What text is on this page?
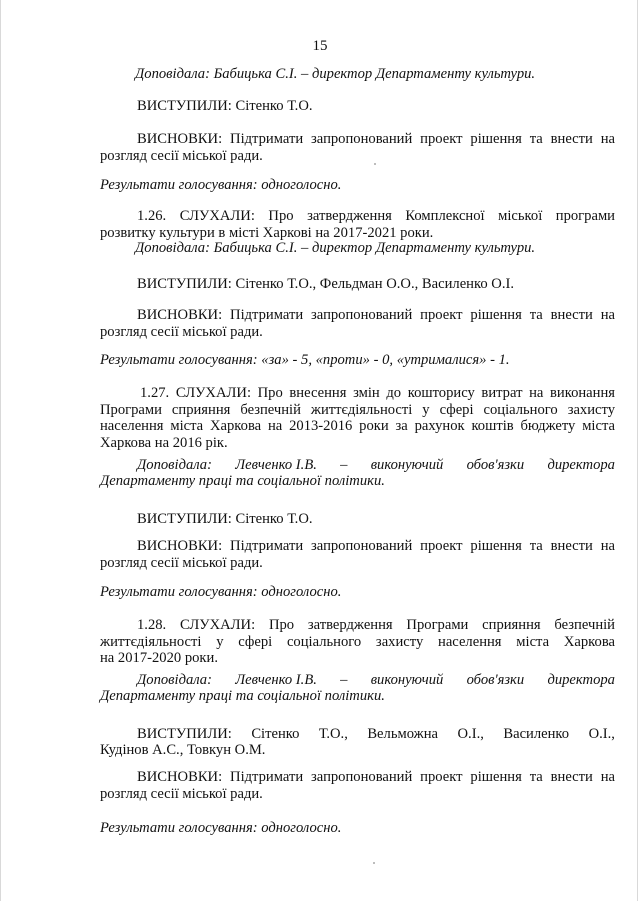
15
Доповідала: Бабицька С.І. – директор Департаменту культури.
ВИСТУПИЛИ: Сітенко Т.О.
ВИСНОВКИ: Підтримати запропонований проект рішення та внести на
розгляд сесії міської ради.
Результати голосування: одноголосно.
1.26. СЛУХАЛИ: Про затвердження Комплексної міської програми
розвитку культури в місті Харкові на 2017-2021 роки.
Доповідала: Бабицька С.І. – директор Департаменту культури.
ВИСТУПИЛИ: Сітенко Т.О., Фельдман О.О., Василенко О.І.
ВИСНОВКИ: Підтримати запропонований проект рішення та внести на
розгляд сесії міської ради.
Результати голосування: «за» - 5, «проти» - 0, «утрималися» - 1.
1.27. СЛУХАЛИ: Про внесення змін до кошторису витрат на виконання
Програми сприяння безпечній життєдіяльності у сфері соціального захисту
населення міста Харкова на 2013-2016 роки за рахунок коштів бюджету міста
Харкова на 2016 рік.
Доповідала: Левченко І.В. – виконуючий обов'язки директора
Департаменту праці та соціальної політики.
ВИСТУПИЛИ: Сітенко Т.О.
ВИСНОВКИ: Підтримати запропонований проект рішення та внести на
розгляд сесії міської ради.
Результати голосування: одноголосно.
1.28. СЛУХАЛИ: Про затвердження Програми сприяння безпечній
життєдіяльності у сфері соціального захисту населення міста Харкова
на 2017-2020 роки.
Доповідала: Левченко І.В. – виконуючий обов'язки директора
Департаменту праці та соціальної політики.
ВИСТУПИЛИ: Сітенко Т.О., Вельможна О.І., Василенко О.І.,
Кудінов А.С., Товкун О.М.
ВИСНОВКИ: Підтримати запропонований проект рішення та внести на
розгляд сесії міської ради.
Результати голосування: одноголосно.
